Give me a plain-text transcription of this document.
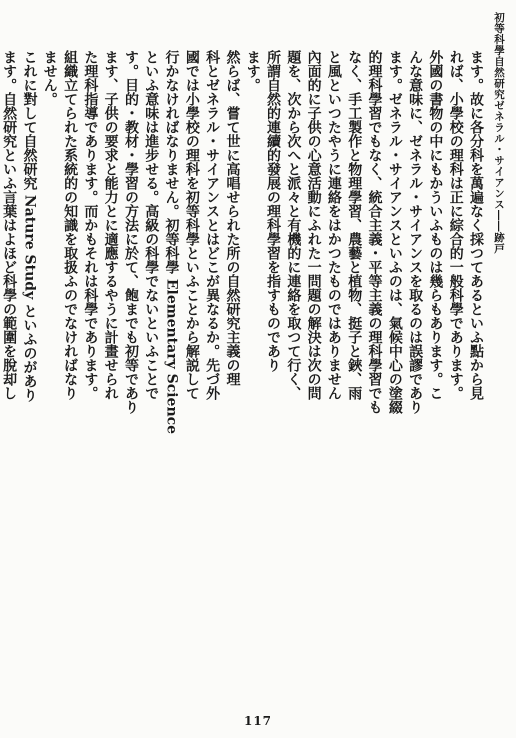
初等科學自然研究ゼネラル・サイアンス――跡戸
ます。故に各分科を萬遍なく採つてあるといふ點から見
れば、小學校の理科は正に綜合的一般科學であります。
外國の書物の中にもかういふものは幾らもあります。こ
んな意味に、ゼネラル・サイアンスを取るのは誤謬であり
ます。ゼネラル・サイアンスといふのは、氣候中心の塗綴
的理科學習でもなく、統合主義・平等主義の理科學習でも
なく、手工製作と物理學習、農藝と植物、挺子と鋏、雨
と風といつたやうに連絡をはかつたものではありません
內面的に子供の心意活動にふれた一問題の解決は次の問
題を、次から次へと派々と有機的に連絡を取つて行く、
所謂自然的連續的發展の理科學習を指すものであり
ます。
然らば、嘗て世に高唱せられた所の自然研究主義の理
科とゼネラル・サイアンスとはどこが異なるか。先づ外
國では小學校の理科を初等科學といふことから解説して
行かなければなりません。初等科學 Elementary Science
といふ意味は進步せる。高級の科學でないといふことで
す。目的・教材・學習の方法に於て、飽までも初等であり
ます、子供の要求と能力とに適應するやうに計畫せられ
た理科指導であります。而かもそれは科學であります。
組織立てられた系統的の知識を取扱ふのでなければなり
ません。
これに對して自然研究 Nature Study といふのがあり
ます。自然研究といふ言葉はよほど科學の範圍を脫却し
117
